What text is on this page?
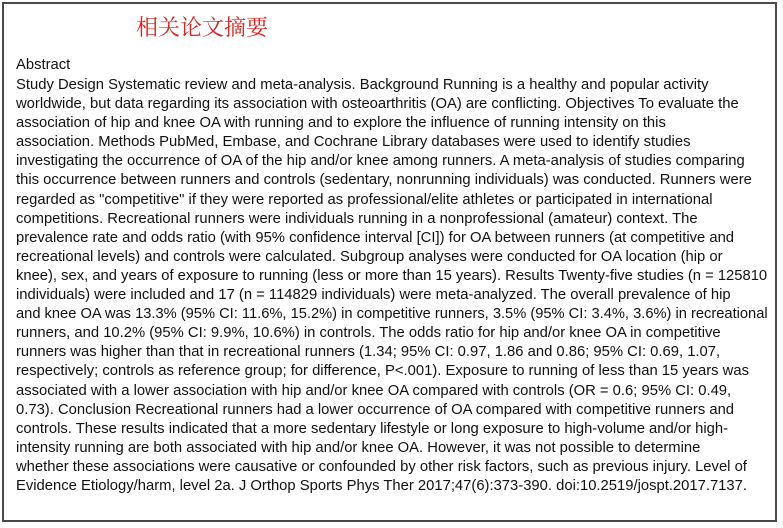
相关论文摘要
Abstract
Study Design Systematic review and meta-analysis. Background Running is a healthy and popular activity
worldwide, but data regarding its association with osteoarthritis (OA) are conflicting. Objectives To evaluate the
association of hip and knee OA with running and to explore the influence of running intensity on this
association. Methods PubMed, Embase, and Cochrane Library databases were used to identify studies
investigating the occurrence of OA of the hip and/or knee among runners. A meta-analysis of studies comparing
this occurrence between runners and controls (sedentary, nonrunning individuals) was conducted. Runners were
regarded as "competitive" if they were reported as professional/elite athletes or participated in international
competitions. Recreational runners were individuals running in a nonprofessional (amateur) context. The
prevalence rate and odds ratio (with 95% confidence interval [CI]) for OA between runners (at competitive and
recreational levels) and controls were calculated. Subgroup analyses were conducted for OA location (hip or
knee), sex, and years of exposure to running (less or more than 15 years). Results Twenty-five studies (n = 125810
individuals) were included and 17 (n = 114829 individuals) were meta-analyzed. The overall prevalence of hip
and knee OA was 13.3% (95% CI: 11.6%, 15.2%) in competitive runners, 3.5% (95% CI: 3.4%, 3.6%) in recreational
runners, and 10.2% (95% CI: 9.9%, 10.6%) in controls. The odds ratio for hip and/or knee OA in competitive
runners was higher than that in recreational runners (1.34; 95% CI: 0.97, 1.86 and 0.86; 95% CI: 0.69, 1.07,
respectively; controls as reference group; for difference, P<.001). Exposure to running of less than 15 years was
associated with a lower association with hip and/or knee OA compared with controls (OR = 0.6; 95% CI: 0.49,
0.73). Conclusion Recreational runners had a lower occurrence of OA compared with competitive runners and
controls. These results indicated that a more sedentary lifestyle or long exposure to high-volume and/or high-
intensity running are both associated with hip and/or knee OA. However, it was not possible to determine
whether these associations were causative or confounded by other risk factors, such as previous injury. Level of
Evidence Etiology/harm, level 2a. J Orthop Sports Phys Ther 2017;47(6):373-390. doi:10.2519/jospt.2017.7137.
